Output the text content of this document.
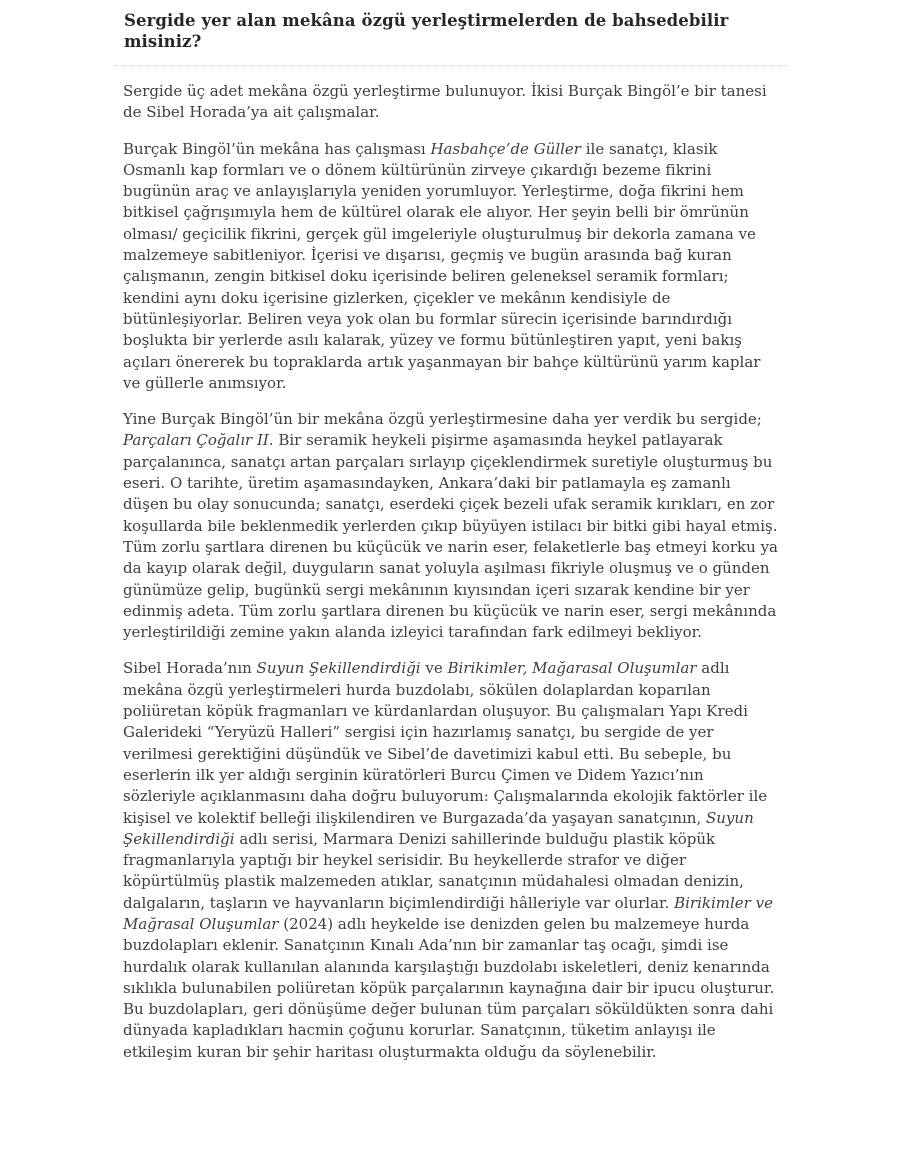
Sergide yer alan mekâna özgü yerleştirmelerden de bahsedebilir misiniz?

Sergide üç adet mekâna özgü yerleştirme bulunuyor. İkisi Burçak Bingöl’e bir tanesi de Sibel Horada’ya ait çalışmalar.

Burçak Bingöl’ün mekâna has çalışması Hasbahçe’de Güller ile sanatçı, klasik Osmanlı kap formları ve o dönem kültürünün zirveye çıkardığı bezeme fikrini bugünün araç ve anlayışlarıyla yeniden yorumluyor. Yerleştirme, doğa fikrini hem bitkisel çağrışımıyla hem de kültürel olarak ele alıyor. Her şeyin belli bir ömrünün olması/ geçicilik fikrini, gerçek gül imgeleriyle oluşturulmuş bir dekorla zamana ve malzemeye sabitleniyor. İçerisi ve dışarısı, geçmiş ve bugün arasında bağ kuran çalışmanın, zengin bitkisel doku içerisinde beliren geleneksel seramik formları; kendini aynı doku içerisine gizlerken, çiçekler ve mekânın kendisiyle de bütünleşiyorlar. Beliren veya yok olan bu formlar sürecin içerisinde barındırdığı boşlukta bir yerlerde asılı kalarak, yüzey ve formu bütünleştiren yapıt, yeni bakış açıları önererek bu topraklarda artık yaşanmayan bir bahçe kültürünü yarım kaplar ve güllerle anımsıyor.

Yine Burçak Bingöl’ün bir mekâna özgü yerleştirmesine daha yer verdik bu sergide; Parçaları Çoğalır II. Bir seramik heykeli pişirme aşamasında heykel patlayarak parçalanınca, sanatçı artan parçaları sırlayıp çiçeklendirmek suretiyle oluşturmuş bu eseri. O tarihte, üretim aşamasındayken, Ankara’daki bir patlamayla eş zamanlı düşen bu olay sonucunda; sanatçı, eserdeki çiçek bezeli ufak seramik kırıkları, en zor koşullarda bile beklenmedik yerlerden çıkıp büyüyen istilacı bir bitki gibi hayal etmiş. Tüm zorlu şartlara direnen bu küçücük ve narin eser, felaketlerle baş etmeyi korku ya da kayıp olarak değil, duyguların sanat yoluyla aşılması fikriyle oluşmuş ve o günden günümüze gelip, bugünkü sergi mekânının kıyısından içeri sızarak kendine bir yer edinmiş adeta. Tüm zorlu şartlara direnen bu küçücük ve narin eser, sergi mekânında yerleştirildiği zemine yakın alanda izleyici tarafından fark edilmeyi bekliyor.

Sibel Horada’nın Suyun Şekillendirdiği ve Birikimler, Mağarasal Oluşumlar adlı mekâna özgü yerleştirmeleri hurda buzdolabı, sökülen dolaplardan koparılan poliüretan köpük fragmanları ve kürdanlardan oluşuyor. Bu çalışmaları Yapı Kredi Galerideki “Yeryüzü Halleri” sergisi için hazırlamış sanatçı, bu sergide de yer verilmesi gerektiğini düşündük ve Sibel’de davetimizi kabul etti. Bu sebeple, bu eserlerin ilk yer aldığı serginin küratörleri Burcu Çimen ve Didem Yazıcı’nın sözleriyle açıklanmasını daha doğru buluyorum: Çalışmalarında ekolojik faktörler ile kişisel ve kolektif belleği ilişkilendiren ve Burgazada’da yaşayan sanatçının, Suyun Şekillendirdiği adlı serisi, Marmara Denizi sahillerinde bulduğu plastik köpük fragmanlarıyla yaptığı bir heykel serisidir. Bu heykellerde strafor ve diğer köpürtülmüş plastik malzemeden atıklar, sanatçının müdahalesi olmadan denizin, dalgaların, taşların ve hayvanların biçimlendirdiği hâlleriyle var olurlar. Birikimler ve Mağrasal Oluşumlar (2024) adlı heykelde ise denizden gelen bu malzemeye hurda buzdolapları eklenir. Sanatçının Kınalı Ada’nın bir zamanlar taş ocağı, şimdi ise hurdalık olarak kullanılan alanında karşılaştığı buzdolabı iskeletleri, deniz kenarında sıklıkla bulunabilen poliüretan köpük parçalarının kaynağına dair bir ipucu oluşturur. Bu buzdolapları, geri dönüşüme değer bulunan tüm parçaları söküldükten sonra dahi dünyada kapladıkları hacmin çoğunu korurlar. Sanatçının, tüketim anlayışı ile etkileşim kuran bir şehir haritası oluşturmakta olduğu da söylenebilir.
